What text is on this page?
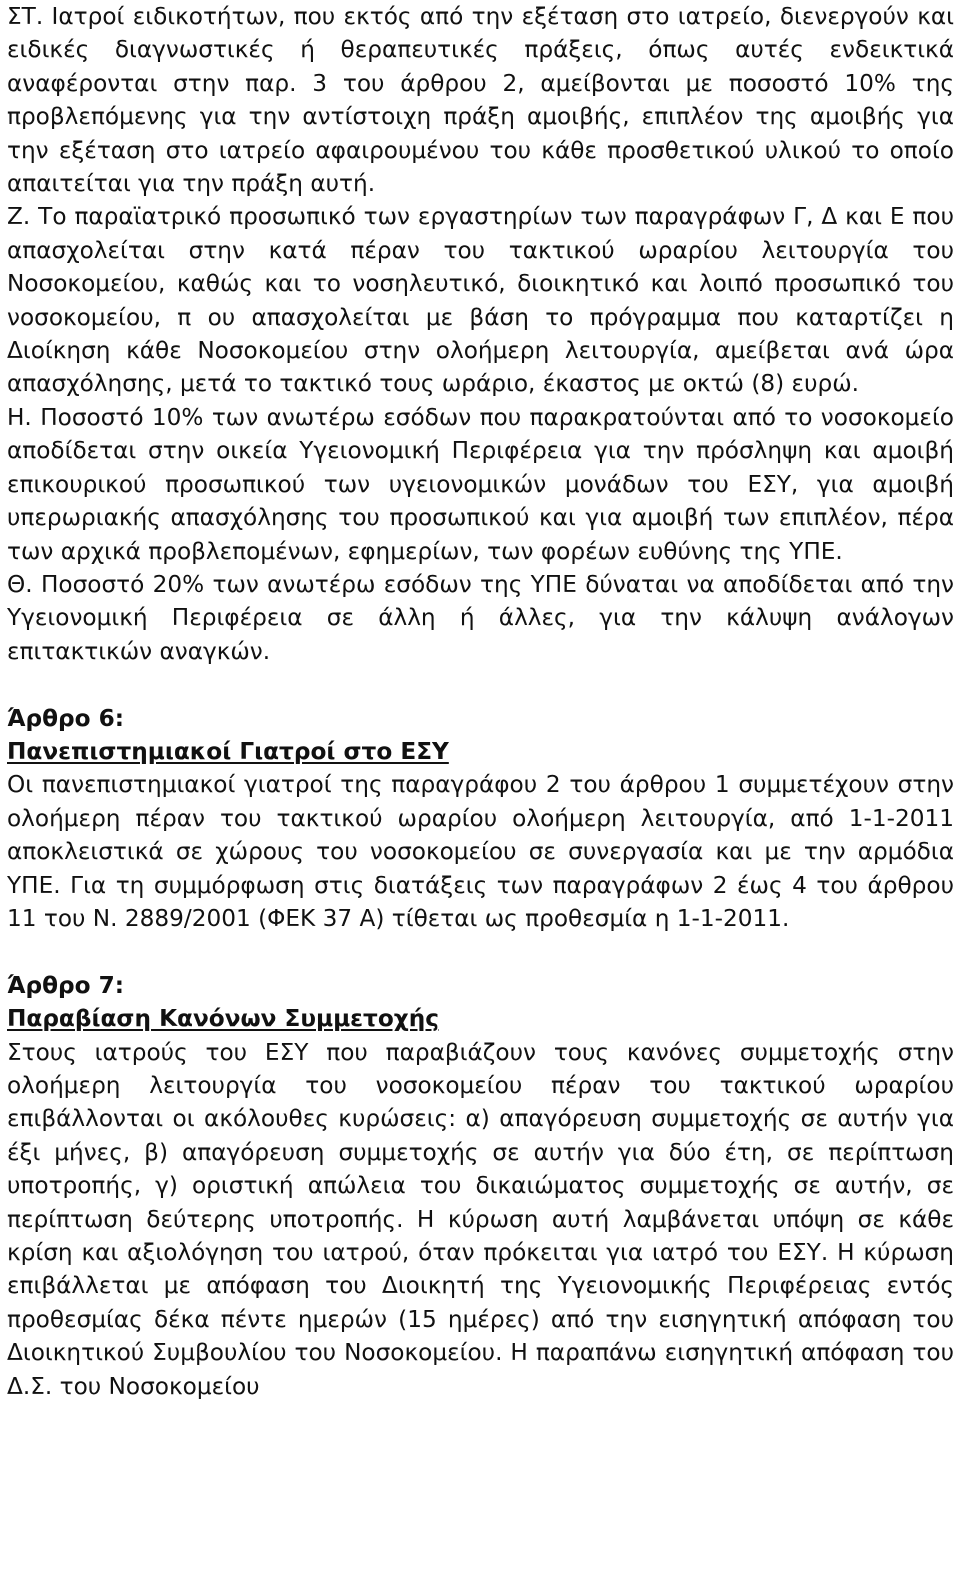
ΣΤ. Ιατροί ειδικοτήτων, που εκτός από την εξέταση στο ιατρείο, διενεργούν και ειδικές διαγνωστικές ή θεραπευτικές πράξεις, όπως αυτές ενδεικτικά αναφέρονται στην παρ. 3 του άρθρου 2, αμείβονται με ποσοστό 10% της προβλεπόμενης για την αντίστοιχη πράξη αμοιβής, επιπλέον της αμοιβής για την εξέταση στο ιατρείο αφαιρουμένου του κάθε προσθετικού υλικού το οποίο απαιτείται για την πράξη αυτή.

Ζ. Το παραϊατρικό προσωπικό των εργαστηρίων των παραγράφων Γ, Δ και Ε που απασχολείται στην κατά πέραν του τακτικού ωραρίου λειτουργία του Νοσοκομείου, καθώς και το νοσηλευτικό, διοικητικό και λοιπό προσωπικό του νοσοκομείου, π ου απασχολείται με βάση το πρόγραμμα που καταρτίζει η Διοίκηση κάθε Νοσοκομείου στην ολοήμερη λειτουργία, αμείβεται ανά ώρα απασχόλησης, μετά το τακτικό τους ωράριο, έκαστος με οκτώ (8) ευρώ.

Η. Ποσοστό 10% των ανωτέρω εσόδων που παρακρατούνται από το νοσοκομείο αποδίδεται στην οικεία Υγειονομική Περιφέρεια για την πρόσληψη και αμοιβή επικουρικού προσωπικού των υγειονομικών μονάδων του ΕΣΥ, για αμοιβή υπερωριακής απασχόλησης του προσωπικού και για αμοιβή των επιπλέον, πέρα των αρχικά προβλεπομένων, εφημερίων, των φορέων ευθύνης της ΥΠΕ.

Θ. Ποσοστό 20% των ανωτέρω εσόδων της ΥΠΕ δύναται να αποδίδεται από την Υγειονομική Περιφέρεια σε άλλη ή άλλες, για την κάλυψη ανάλογων επιτακτικών αναγκών.

Άρθρο 6:

Πανεπιστημιακοί Γιατροί στο ΕΣΥ

Οι πανεπιστημιακοί γιατροί της παραγράφου 2 του άρθρου 1 συμμετέχουν στην ολοήμερη πέραν του τακτικού ωραρίου ολοήμερη λειτουργία, από 1-1-2011 αποκλειστικά σε χώρους του νοσοκομείου σε συνεργασία και με την αρμόδια ΥΠΕ. Για τη συμμόρφωση στις διατάξεις των παραγράφων 2 έως 4 του άρθρου 11 του Ν. 2889/2001 (ΦΕΚ 37 Α) τίθεται ως προθεσμία η 1-1-2011.

Άρθρο 7:

Παραβίαση Κανόνων Συμμετοχής

Στους ιατρούς του ΕΣΥ που παραβιάζουν τους κανόνες συμμετοχής στην ολοήμερη λειτουργία του νοσοκομείου πέραν του τακτικού ωραρίου επιβάλλονται οι ακόλουθες κυρώσεις: α) απαγόρευση συμμετοχής σε αυτήν για έξι μήνες, β) απαγόρευση συμμετοχής σε αυτήν για δύο έτη, σε περίπτωση υποτροπής, γ) οριστική απώλεια του δικαιώματος συμμετοχής σε αυτήν, σε περίπτωση δεύτερης υποτροπής. Η κύρωση αυτή λαμβάνεται υπόψη σε κάθε κρίση και αξιολόγηση του ιατρού, όταν πρόκειται για ιατρό του ΕΣΥ. Η κύρωση επιβάλλεται με απόφαση του Διοικητή της Υγειονομικής Περιφέρειας εντός προθεσμίας δέκα πέντε ημερών (15 ημέρες) από την εισηγητική απόφαση του Διοικητικού Συμβουλίου του Νοσοκομείου. Η παραπάνω εισηγητική απόφαση του Δ.Σ. του Νοσοκομείου
